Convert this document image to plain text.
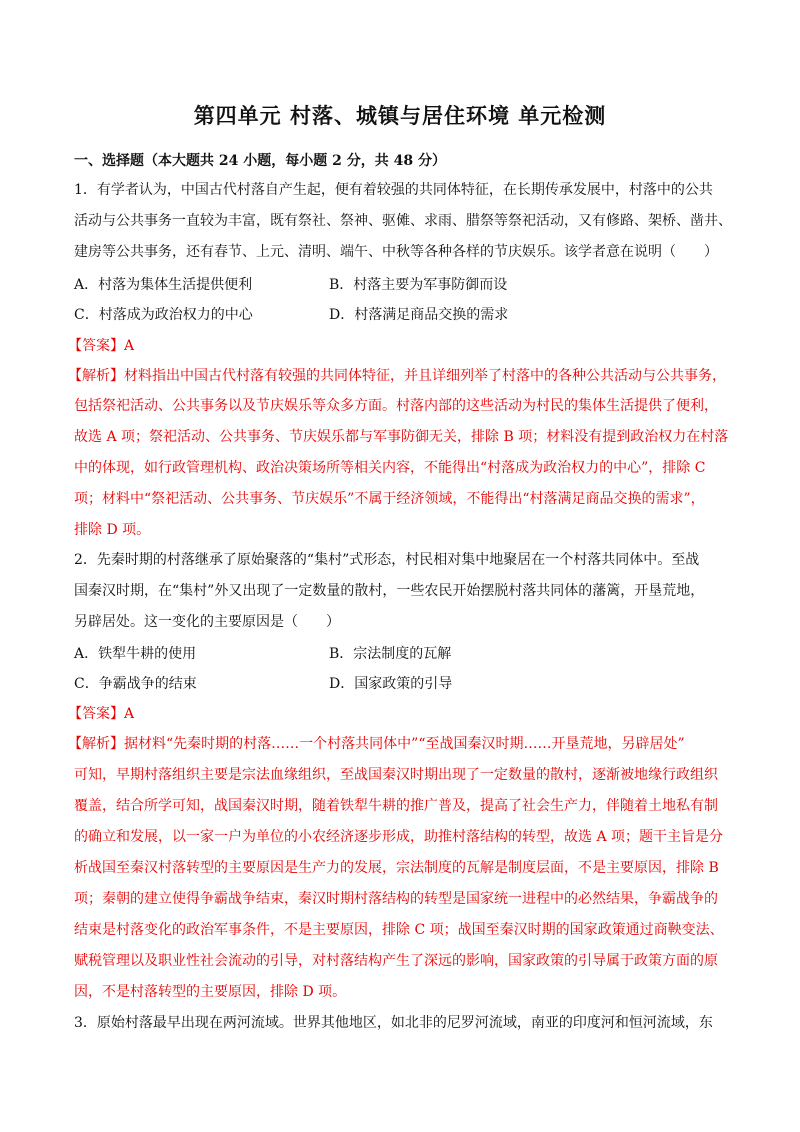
第四单元 村落、城镇与居住环境 单元检测
一、选择题（本大题共 24 小题，每小题 2 分，共 48 分）
1．有学者认为，中国古代村落自产生起，便有着较强的共同体特征，在长期传承发展中，村落中的公共
活动与公共事务一直较为丰富，既有祭社、祭神、驱傩、求雨、腊祭等祭祀活动，又有修路、架桥、凿井、
建房等公共事务，还有春节、上元、清明、端午、中秋等各种各样的节庆娱乐。该学者意在说明（　　）
A．村落为集体生活提供便利	B．村落主要为军事防御而设
C．村落成为政治权力的中心	D．村落满足商品交换的需求
【答案】A
【解析】材料指出中国古代村落有较强的共同体特征，并且详细列举了村落中的各种公共活动与公共事务，
包括祭祀活动、公共事务以及节庆娱乐等众多方面。村落内部的这些活动为村民的集体生活提供了便利，
故选 A 项；祭祀活动、公共事务、节庆娱乐都与军事防御无关，排除 B 项；材料没有提到政治权力在村落
中的体现，如行政管理机构、政治决策场所等相关内容，不能得出“村落成为政治权力的中心”，排除 C
项；材料中“祭祀活动、公共事务、节庆娱乐”不属于经济领域，不能得出“村落满足商品交换的需求”，
排除 D 项。
2．先秦时期的村落继承了原始聚落的“集村”式形态，村民相对集中地聚居在一个村落共同体中。至战
国秦汉时期，在“集村”外又出现了一定数量的散村，一些农民开始摆脱村落共同体的藩篱，开垦荒地，
另辟居处。这一变化的主要原因是（　　）
A．铁犁牛耕的使用	B．宗法制度的瓦解
C．争霸战争的结束	D．国家政策的引导
【答案】A
【解析】据材料“先秦时期的村落……一个村落共同体中”“至战国秦汉时期……开垦荒地，另辟居处”
可知，早期村落组织主要是宗法血缘组织，至战国秦汉时期出现了一定数量的散村，逐渐被地缘行政组织
覆盖，结合所学可知，战国秦汉时期，随着铁犁牛耕的推广普及，提高了社会生产力，伴随着土地私有制
的确立和发展，以一家一户为单位的小农经济逐步形成，助推村落结构的转型，故选 A 项；题干主旨是分
析战国至秦汉村落转型的主要原因是生产力的发展，宗法制度的瓦解是制度层面，不是主要原因，排除 B
项；秦朝的建立使得争霸战争结束，秦汉时期村落结构的转型是国家统一进程中的必然结果，争霸战争的
结束是村落变化的政治军事条件，不是主要原因，排除 C 项；战国至秦汉时期的国家政策通过商鞅变法、
赋税管理以及职业性社会流动的引导，对村落结构产生了深远的影响，国家政策的引导属于政策方面的原
因，不是村落转型的主要原因，排除 D 项。
3．原始村落最早出现在两河流域。世界其他地区，如北非的尼罗河流域，南亚的印度河和恒河流域，东
